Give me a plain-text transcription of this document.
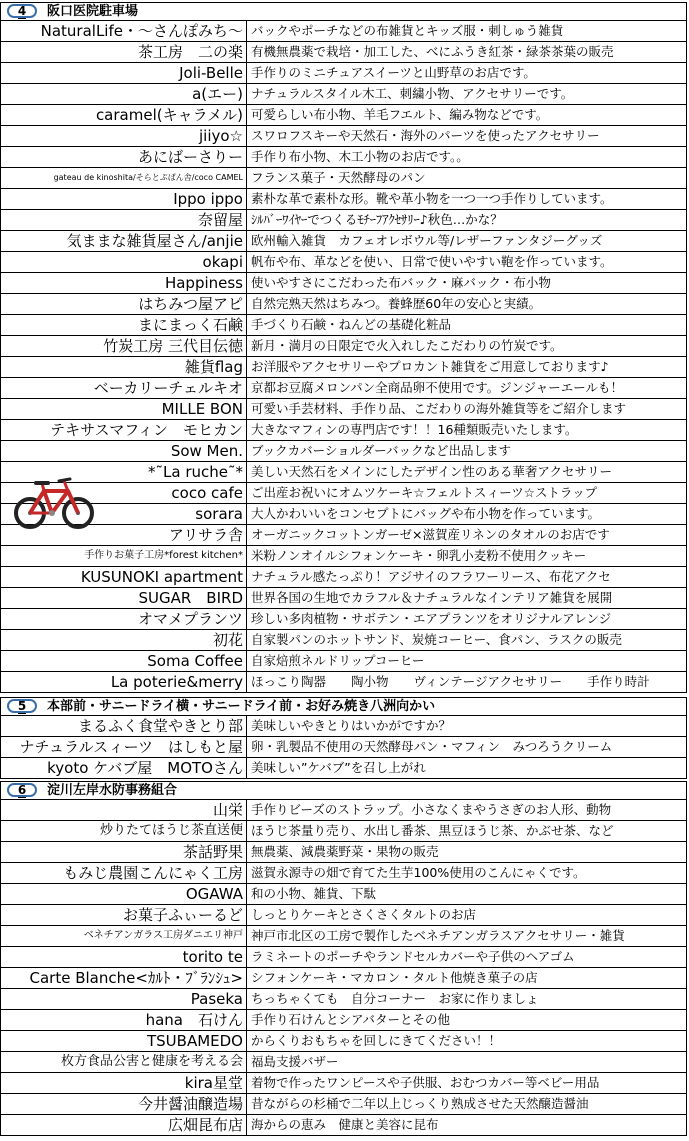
4	阪口医院駐車場
NaturalLife・～さんぽみち～	バックやポーチなどの布雑貨とキッズ服・刺しゅう雑貨
茶工房　二の楽	有機無農薬で栽培・加工した、べにふうき紅茶・緑茶茶葉の販売
Joli-Belle	手作りのミニチュアスイーツと山野草のお店です。
a(エー)	ナチュラルスタイル木工、刺繍小物、アクセサリーです。
caramel(キャラメル)	可愛らしい布小物、羊毛フエルト、編み物などです。
jiiyo☆	スワロフスキーや天然石・海外のパーツを使ったアクセサリー
あにばーさりー	手作り布小物、木工小物のお店です。。
gateau de kinoshita/そらとぷぱん舎/coco CAMEL	フランス菓子・天然酵母のパン
Ippo ippo	素朴な革で素朴な形。靴や革小物を一つ一つ手作りしています。
奈留屋	ｼﾙﾊﾞｰﾜｲﾔｰでつくるﾓﾁｰﾌｱｸｾｻﾘｰ♪秋色…かな？
気ままな雑貨屋さん/anjie	欧州輸入雑貨　カフェオレボウル等/レザーファンタジーグッズ
okapi	帆布や布、革などを使い、日常で使いやすい鞄を作っています。
Happiness	使いやすさにこだわった布バック・麻バック・布小物
はちみつ屋アピ	自然完熟天然はちみつ。養蜂歴60年の安心と実績。
まにまっく石鹸	手づくり石鹸・ねんどの基礎化粧品
竹炭工房 三代目伝徳	新月・満月の日限定で火入れしたこだわりの竹炭です。
雑貨flag	お洋服やアクセサリーやプロカント雑貨をご用意しております♪
ベーカリーチェルキオ	京都お豆腐メロンパン全商品卵不使用です。ジンジャーエールも！
MILLE BON	可愛い手芸材料、手作り品、こだわりの海外雑貨等をご紹介します
テキサスマフィン　モヒカン	大きなマフィンの専門店です！！16種類販売いたします。
Sow Men.	ブックカバーショルダーバックなど出品します
*˜La ruche˜*	美しい天然石をメインにしたデザイン性のある華奢アクセサリー
coco cafe	ご出産お祝いにオムツケーキ☆フェルトスィーツ☆ストラップ
sorara	大人かわいいをコンセプトにバッグや布小物を作っています。
アリサラ舎	オーガニックコットンガーゼ×滋賀産リネンのタオルのお店です
手作りお菓子工房*forest kitchen*	米粉ノンオイルシフォンケーキ・卵乳小麦粉不使用クッキー
KUSUNOKI apartment	ナチュラル感たっぷり！アジサイのフラワーリース、布花アクセ
SUGAR　BIRD	世界各国の生地でカラフル＆ナチュラルなインテリア雑貨を展開
オマメプランツ	珍しい多肉植物・サボテン・エアプランツをオリジナルアレンジ
初花	自家製パンのホットサンド、炭焼コーヒー、食パン、ラスクの販売
Soma Coffee	自家焙煎ネルドリップコーヒー
La poterie&merry	ほっこり陶器　　陶小物　　ヴィンテージアクセサリー　　手作り時計
5	本部前・サニードライ横・サニードライ前・お好み焼き八洲向かい
まるふく食堂やきとり部	美味しいやきとりはいかがですか？
ナチュラルスィーツ　はしもと屋	卵・乳製品不使用の天然酵母パン・マフィン　みつろうクリーム
kyoto ケバブ屋　MOTOさん	美味しい”ケバブ”を召し上がれ
6	淀川左岸水防事務組合
山栄	手作りビーズのストラップ。小さなくまやうさぎのお人形、動物
炒りたてほうじ茶直送便	ほうじ茶量り売り、水出し番茶、黒豆ほうじ茶、かぶせ茶、など
茶話野果	無農薬、減農薬野菜・果物の販売
もみじ農園こんにゃく工房	滋賀永源寺の畑で育てた生芋100%使用のこんにゃくです。
OGAWA	和の小物、雑貨、下駄
お菓子ふぃーるど	しっとりケーキとさくさくタルトのお店
ベネチアンガラス工房ダニエリ神戸	神戸市北区の工房で製作したベネチアンガラスアクセサリー・雑貨
torito te	ラミネートのポーチやランドセルカバーや子供のヘアゴム
Carte Blanche<ｶﾙﾄ・ﾌﾞﾗﾝｼｭ>	シフォンケーキ・マカロン・タルト他焼き菓子の店
Paseka	ちっちゃくても　自分コーナー　お家に作りましょ
hana　石けん	手作り石けんとシアバターとその他
TSUBAMEDO	からくりおもちゃを回しにきてください！！
枚方食品公害と健康を考える会	福島支援バザー
kira星堂	着物で作ったワンピースや子供服、おむつカバー等ベビー用品
今井醤油醸造場	昔ながらの杉桶で二年以上じっくり熟成させた天然醸造醤油
広畑昆布店	海からの恵み　健康と美容に昆布
